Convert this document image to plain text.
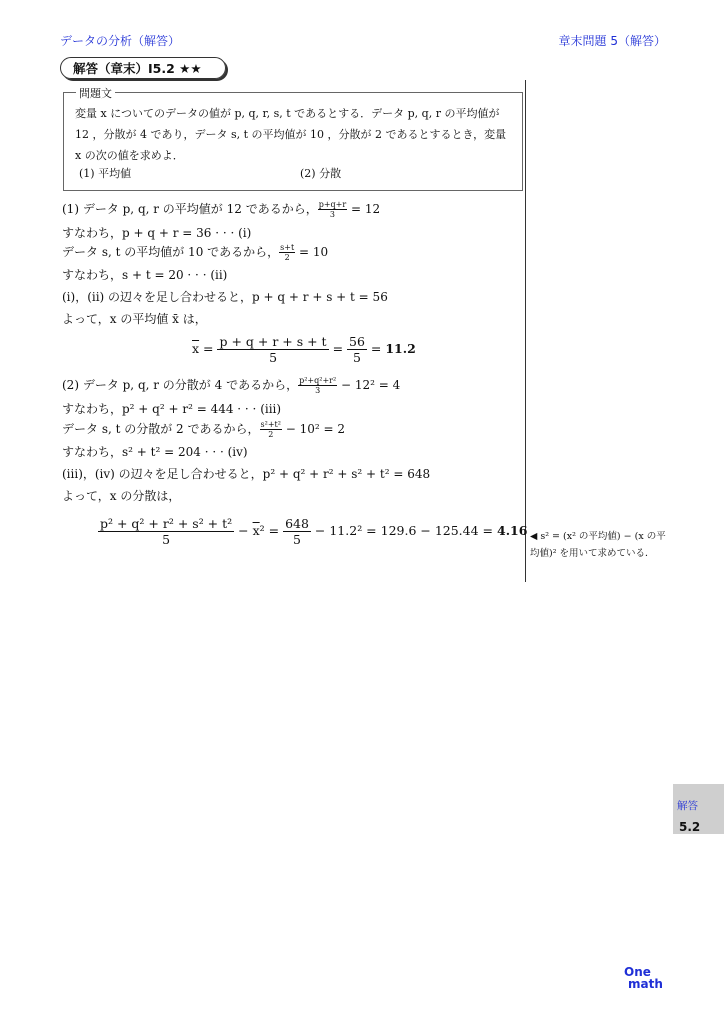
データの分析（解答）	章末問題 5（解答）
解答（章末）I5.2 ★★
問題文
変量 x についてのデータの値が p, q, r, s, t であるとする．データ p, q, r の平均値が 12 ，分散が 4 であり，データ s, t の平均値が 10 ，分散が 2 であるとするとき，変量 x の次の値を求めよ．
(1) 平均値	(2) 分散
(1) データ p, q, r の平均値が 12 であるから， $\frac{p+q+r}{3} = 12$
すなわち，p + q + r = 36 · · · (i)
データ s, t の平均値が 10 であるから， $\frac{s+t}{2} = 10$
すなわち，s + t = 20 · · · (ii)
(i)，(ii) の辺々を足し合わせると，p + q + r + s + t = 56
よって，x の平均値 x̄ は，
$\overline{x} = \frac{p + q + r + s + t}{5} = \frac{56}{5} = 11.2$
(2) データ p, q, r の分散が 4 であるから， $\frac{\text{p²+q²+r²}}{3} - 12^2 = 4$
すなわち，p² + q² + r² = 444 · · · (iii)
データ s, t の分散が 2 であるから， $\frac{\text{s²+t²}}{2} - 10^2 = 2$
すなわち，s² + t² = 204 · · · (iv)
(iii)，(iv) の辺々を足し合わせると，p² + q² + r² + s² + t² = 648
よって，x の分散は，
$\frac{\text{p² + q² + r² + s² + t²}}{5} - \overline{x}^2 = \frac{648}{5} - 11.2^2 = 129.6 - 125.44 = 4.16$ ◀ s² = (x² の平均値) − (x の平均値)² を用いて求めている．
解答
5.2
One
math
